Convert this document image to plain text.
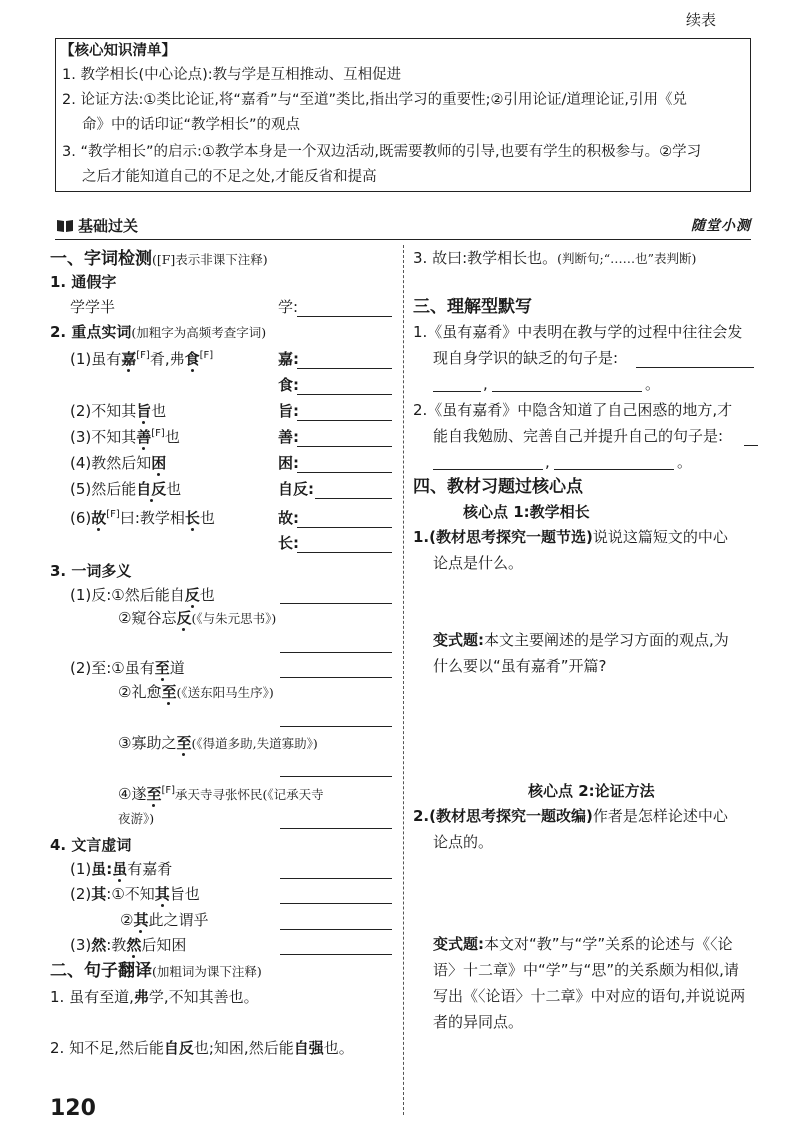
续表
【核心知识清单】
1. 教学相长(中心论点):教与学是互相推动、互相促进
2. 论证方法:①类比论证,将“嘉肴”与“至道”类比,指出学习的重要性;②引用论证/道理论证,引用《兑
命》中的话印证“教学相长”的观点
3. “教学相长”的启示:①教学本身是一个双边活动,既需要教师的引导,也要有学生的积极参与。②学习
之后才能知道自己的不足之处,才能反省和提高
基础过关	随堂小测
一、字词检测([F]表示非课下注释)
1. 通假字
学学半	学:
2. 重点实词(加粗字为高频考查字词)
(1)虽有嘉[F]肴,弗食[F]	嘉:
食:
(2)不知其旨也	旨:
(3)不知其善[F]也	善:
(4)教然后知困	困:
(5)然后能自反也	自反:
(6)故[F]曰:教学相长也	故:
长:
3. 一词多义
(1)反:①然后能自反也
②窥谷忘反(《与朱元思书》)
(2)至:①虽有至道
②礼愈至(《送东阳马生序》)
③寡助之至(《得道多助,失道寡助》)
④遂至[F]承天寺寻张怀民(《记承天寺
夜游》)
4. 文言虚词
(1)虽:虽有嘉肴
(2)其:①不知其旨也
②其此之谓乎
(3)然:教然后知困
二、句子翻译(加粗词为课下注释)
1. 虽有至道,弗学,不知其善也。
2. 知不足,然后能自反也;知困,然后能自强也。
120
3. 故曰:教学相长也。(判断句;“……也”表判断)
三、理解型默写
1.《虽有嘉肴》中表明在教与学的过程中往往会发
现自身学识的缺乏的句子是:
,	。
2.《虽有嘉肴》中隐含知道了自己困惑的地方,才
能自我勉励、完善自己并提升自己的句子是:
,	。
四、教材习题过核心点
核心点 1:教学相长
1.(教材思考探究一题节选)说说这篇短文的中心
论点是什么。
变式题:本文主要阐述的是学习方面的观点,为
什么要以“虽有嘉肴”开篇?
核心点 2:论证方法
2.(教材思考探究一题改编)作者是怎样论述中心
论点的。
变式题:本文对“教”与“学”关系的论述与《〈论
语〉十二章》中“学”与“思”的关系颇为相似,请
写出《〈论语〉十二章》中对应的语句,并说说两
者的异同点。
